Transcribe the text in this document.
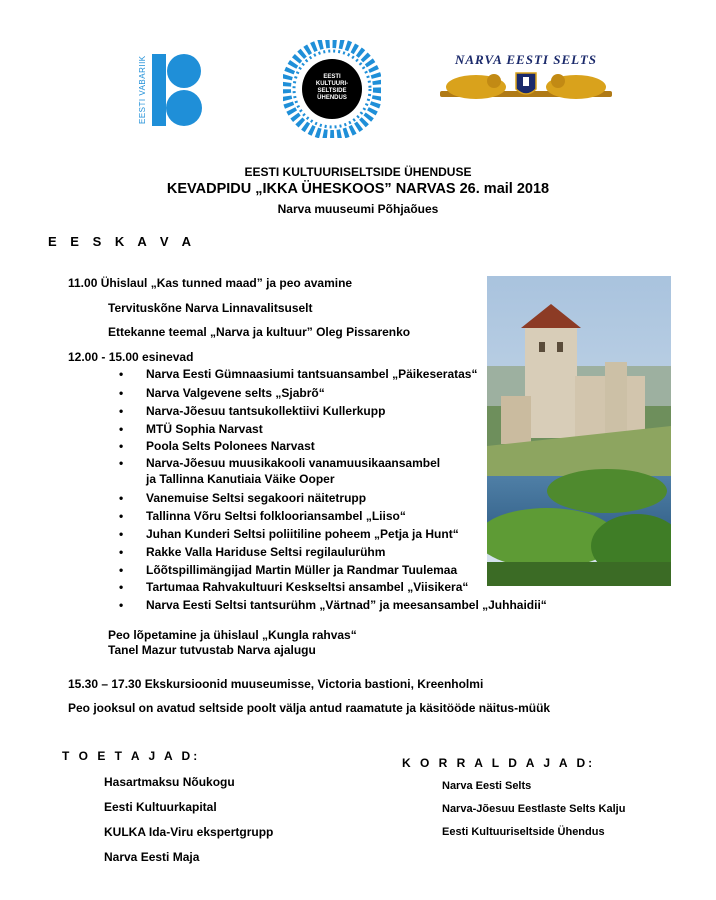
EESTI VABARIIK	EESTI
KULTUURI-
SELTSIDE
ÜHENDUS
NARVA EESTI SELTS
EESTI KULTUURISELTSIDE ÜHENDUSE
KEVADPIDU „IKKA ÜHESKOOS” NARVAS 26. mail 2018
Narva muuseumi Põhjaõues
E E S K A V A
11.00 Ühislaul „Kas tunned maad” ja peo avamine
Tervituskõne Narva Linnavalitsuselt
Ettekanne teemal „Narva ja kultuur” Oleg Pissarenko
12.00 - 15.00 esinevad
• Narva Eesti Gümnaasiumi tantsuansambel „Päikeseratas“
• Narva Valgevene selts „Sjabrõ“
• Narva-Jõesuu tantsukollektiivi Kullerkupp
• MTÜ Sophia Narvast
• Poola Selts Polonees Narvast
• Narva-Jõesuu muusikakooli vanamuusikaansambel
ja Tallinna Kanutiaia Väike Ooper
• Vanemuise Seltsi segakoori näitetrupp
• Tallinna Võru Seltsi folklooriansambel „Liiso“
• Juhan Kunderi Seltsi poliitiline poheem „Petja ja Hunt“
• Rakke Valla Hariduse Seltsi regilaulurühm
• Lõõtspillimängijad Martin Müller ja Randmar Tuulemaa
• Tartumaa Rahvakultuuri Keskseltsi ansambel „Viisikera“
• Narva Eesti Seltsi tantsurühm „Värtnad” ja meesansambel „Juhhaidii“
Peo lõpetamine ja ühislaul „Kungla rahvas“
Tanel Mazur tutvustab Narva ajalugu
15.30 – 17.30 Ekskursioonid muuseumisse, Victoria bastioni, Kreenholmi
Peo jooksul on avatud seltside poolt välja antud raamatute ja käsitööde näitus-müük
T O E T A J A D:
Hasartmaksu Nõukogu
Eesti Kultuurkapital
KULKA Ida-Viru ekspertgrupp
Narva Eesti Maja
K O R R A L D A J A D:
Narva Eesti Selts
Narva-Jõesuu Eestlaste Selts Kalju
Eesti Kultuuriseltside Ühendus
